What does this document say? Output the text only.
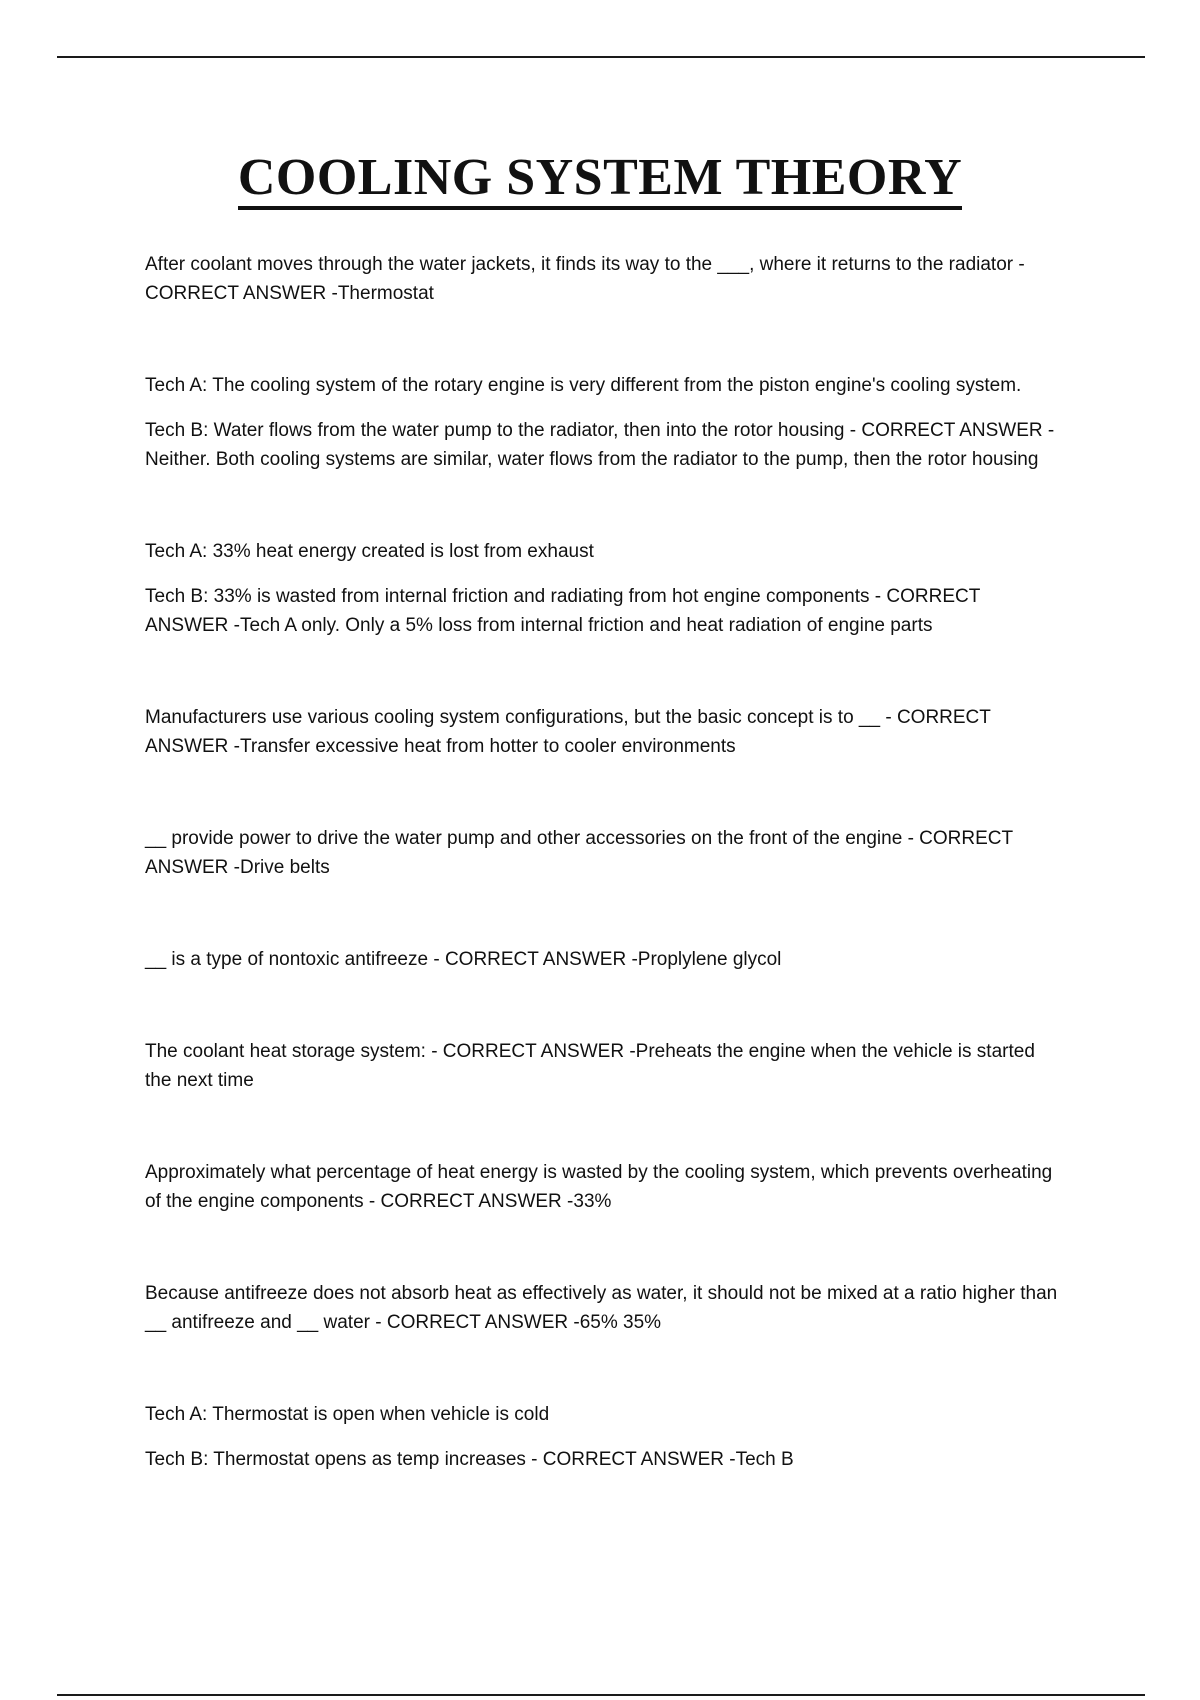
COOLING SYSTEM THEORY

After coolant moves through the water jackets, it finds its way to the ___, where it returns to the radiator - CORRECT ANSWER -Thermostat

Tech A: The cooling system of the rotary engine is very different from the piston engine's cooling system.

Tech B: Water flows from the water pump to the radiator, then into the rotor housing - CORRECT ANSWER -Neither. Both cooling systems are similar, water flows from the radiator to the pump, then the rotor housing

Tech A: 33% heat energy created is lost from exhaust

Tech B: 33% is wasted from internal friction and radiating from hot engine components - CORRECT ANSWER -Tech A only. Only a 5% loss from internal friction and heat radiation of engine parts

Manufacturers use various cooling system configurations, but the basic concept is to __ - CORRECT ANSWER -Transfer excessive heat from hotter to cooler environments

__ provide power to drive the water pump and other accessories on the front of the engine - CORRECT ANSWER -Drive belts

__ is a type of nontoxic antifreeze - CORRECT ANSWER -Proplylene glycol

The coolant heat storage system: - CORRECT ANSWER -Preheats the engine when the vehicle is started the next time

Approximately what percentage of heat energy is wasted by the cooling system, which prevents overheating of the engine components - CORRECT ANSWER -33%

Because antifreeze does not absorb heat as effectively as water, it should not be mixed at a ratio higher than __ antifreeze and __ water - CORRECT ANSWER -65% 35%

Tech A: Thermostat is open when vehicle is cold

Tech B: Thermostat opens as temp increases - CORRECT ANSWER -Tech B
